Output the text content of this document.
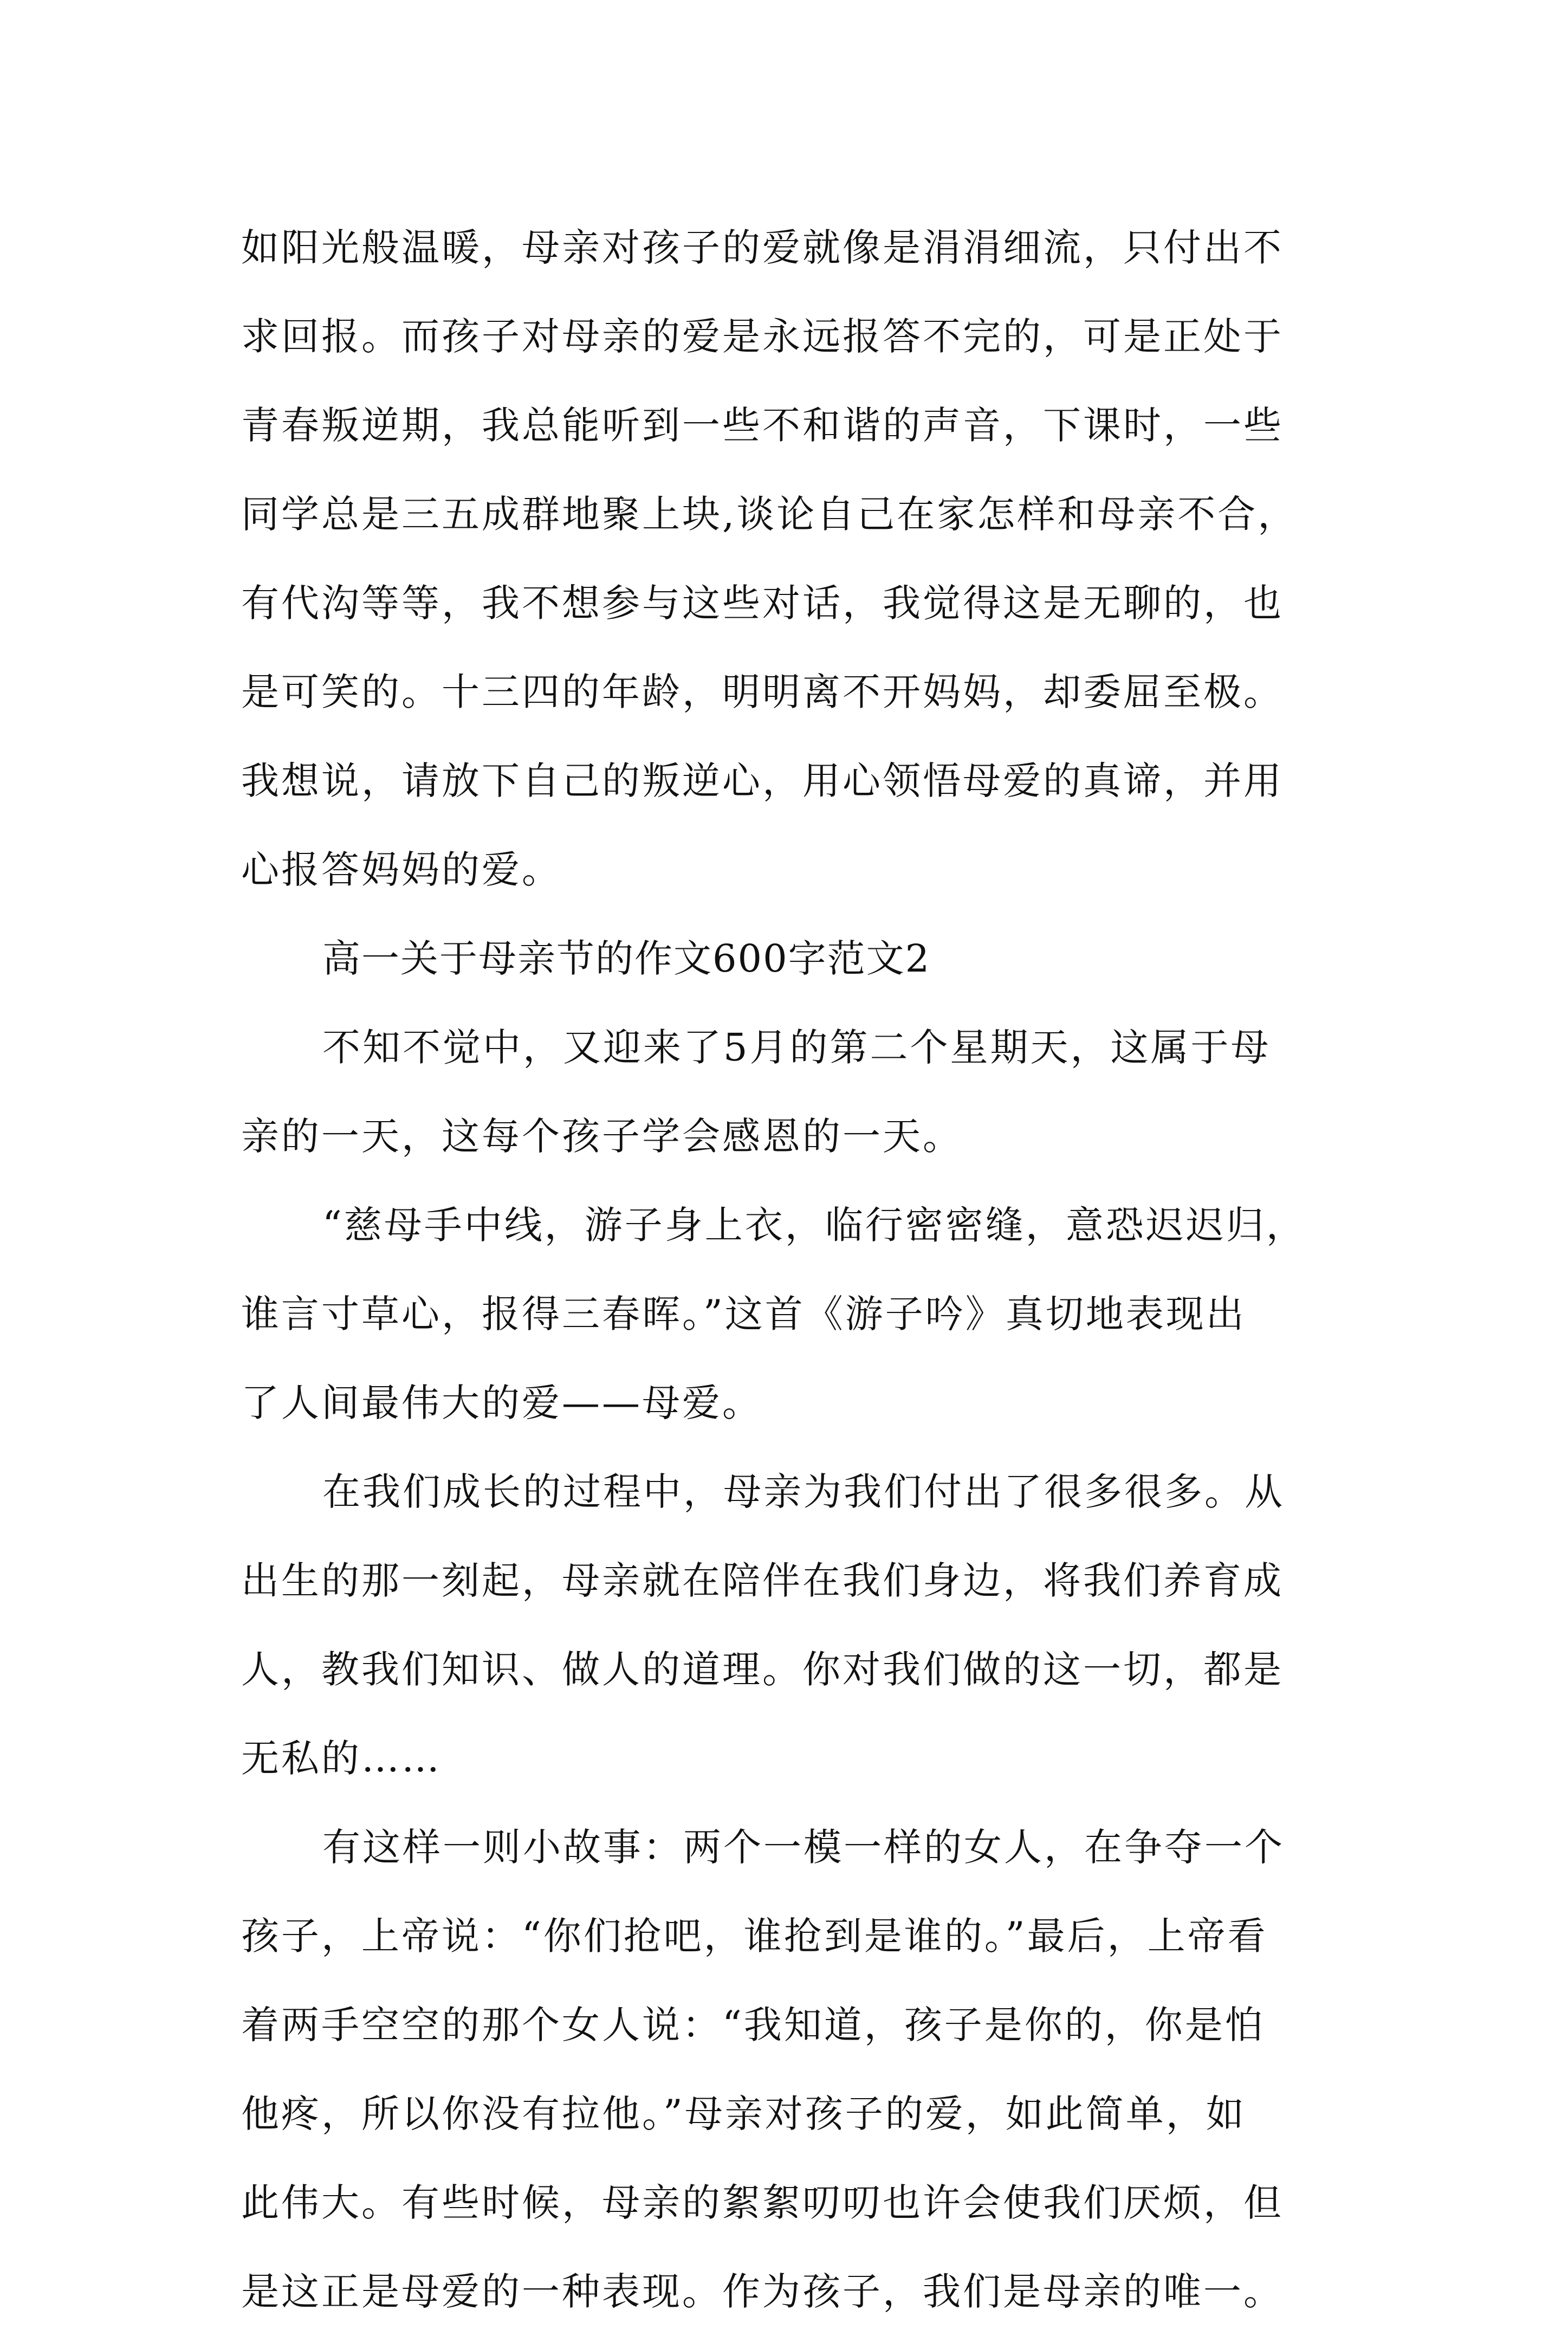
如阳光般温暖，母亲对孩子的爱就像是涓涓细流，只付出不
求回报。而孩子对母亲的爱是永远报答不完的，可是正处于
青春叛逆期，我总能听到一些不和谐的声音，下课时，一些
同学总是三五成群地聚上块,谈论自己在家怎样和母亲不合，
有代沟等等，我不想参与这些对话，我觉得这是无聊的，也
是可笑的。十三四的年龄，明明离不开妈妈，却委屈至极。
我想说，请放下自己的叛逆心，用心领悟母爱的真谛，并用
心报答妈妈的爱。
高一关于母亲节的作文600字范文2
不知不觉中，又迎来了5月的第二个星期天，这属于母
亲的一天，这每个孩子学会感恩的一天。
“慈母手中线，游子身上衣，临行密密缝，意恐迟迟归，
谁言寸草心，报得三春晖。”这首《游子吟》真切地表现出
了人间最伟大的爱——母爱。
在我们成长的过程中，母亲为我们付出了很多很多。从
出生的那一刻起，母亲就在陪伴在我们身边，将我们养育成
人，教我们知识、做人的道理。你对我们做的这一切，都是
无私的……
有这样一则小故事：两个一模一样的女人，在争夺一个
孩子，上帝说：“你们抢吧，谁抢到是谁的。”最后，上帝看
着两手空空的那个女人说：“我知道，孩子是你的，你是怕
他疼，所以你没有拉他。”母亲对孩子的爱，如此简单，如
此伟大。有些时候，母亲的絮絮叨叨也许会使我们厌烦，但
是这正是母爱的一种表现。作为孩子，我们是母亲的唯一。
